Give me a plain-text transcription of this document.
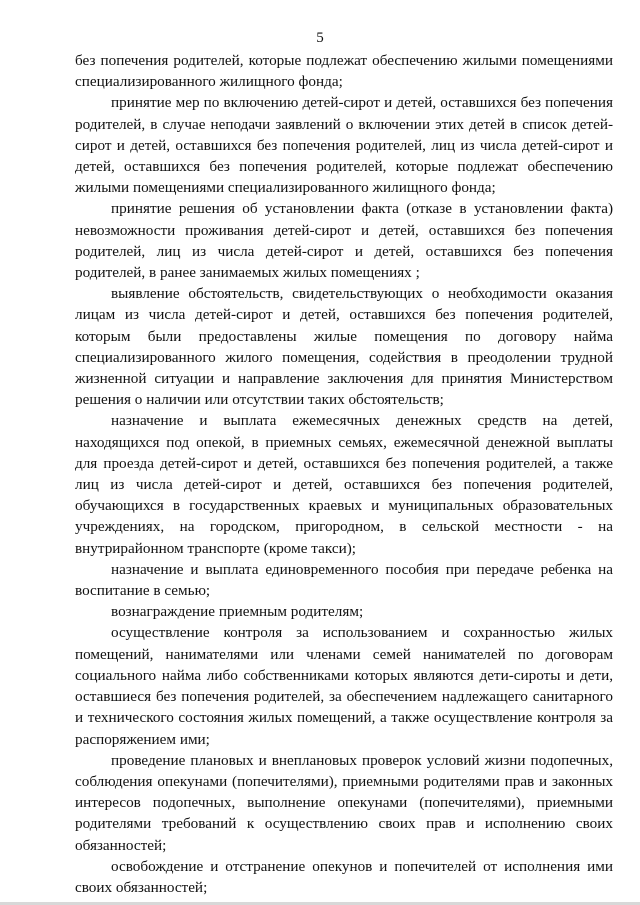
5

без попечения родителей, которые подлежат обеспечению жилыми помещениями специализированного жилищного фонда;

принятие мер по включению детей-сирот и детей, оставшихся без попечения родителей, в случае неподачи заявлений о включении этих детей в список детей-сирот и детей, оставшихся без попечения родителей, лиц из числа детей-сирот и детей, оставшихся без попечения родителей, которые подлежат обеспечению жилыми помещениями специализированного жилищного фонда;

принятие решения об установлении факта (отказе в установлении факта) невозможности проживания детей-сирот и детей, оставшихся без попечения родителей, лиц из числа детей-сирот и детей, оставшихся без попечения родителей, в ранее занимаемых жилых помещениях ;

выявление обстоятельств, свидетельствующих о необходимости оказания лицам из числа детей-сирот и детей, оставшихся без попечения родителей, которым были предоставлены жилые помещения по договору найма специализированного жилого помещения, содействия в преодолении трудной жизненной ситуации и направление заключения для принятия Министерством решения о наличии или отсутствии таких обстоятельств;

назначение и выплата ежемесячных денежных средств на детей, находящихся под опекой, в приемных семьях, ежемесячной денежной выплаты для проезда детей-сирот и детей, оставшихся без попечения родителей, а также лиц из числа детей-сирот и детей, оставшихся без попечения родителей, обучающихся в государственных краевых и муниципальных образовательных учреждениях, на городском, пригородном, в сельской местности - на внутрирайонном транспорте (кроме такси);

назначение и выплата единовременного пособия при передаче ребенка на воспитание в семью;

вознаграждение приемным родителям;

осуществление контроля за использованием и сохранностью жилых помещений, нанимателями или членами семей нанимателей по договорам социального найма либо собственниками которых являются дети-сироты и дети, оставшиеся без попечения родителей, за обеспечением надлежащего санитарного и технического состояния жилых помещений, а также осуществление контроля за распоряжением ими;

проведение плановых и внеплановых проверок условий жизни подопечных, соблюдения опекунами (попечителями), приемными родителями прав и законных интересов подопечных, выполнение опекунами (попечителями), приемными родителями требований к осуществлению своих прав и исполнению своих обязанностей;

освобождение и отстранение опекунов и попечителей от исполнения ими своих обязанностей;
